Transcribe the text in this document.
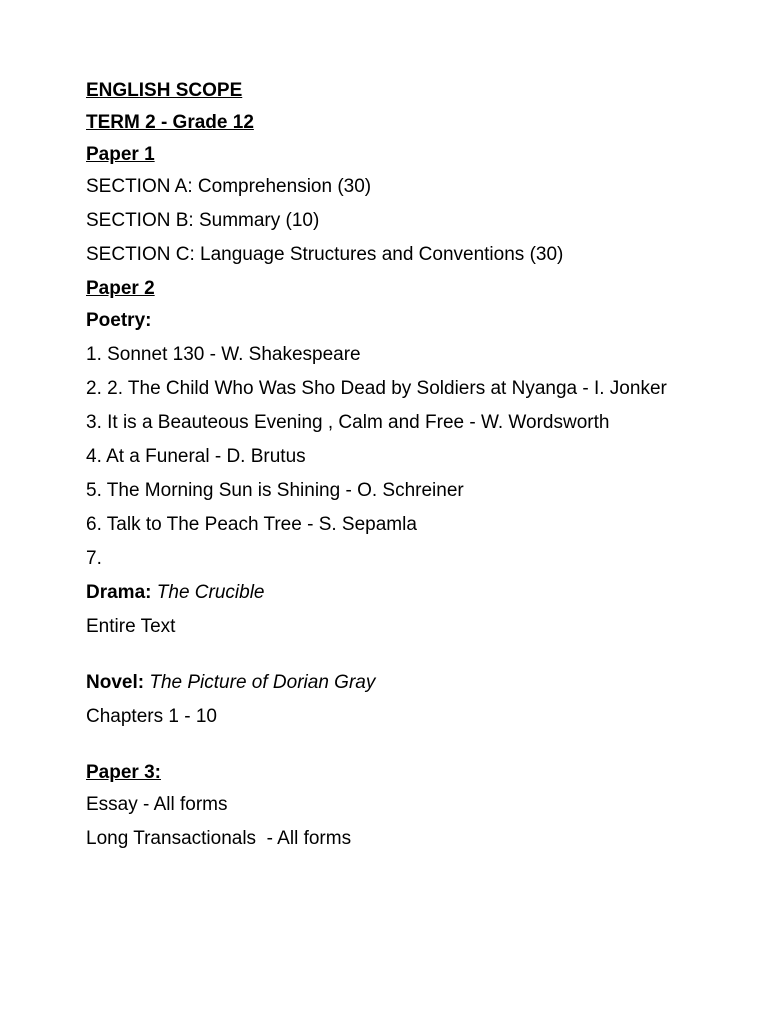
ENGLISH SCOPE
TERM 2 - Grade 12
Paper 1
SECTION A: Comprehension (30)
SECTION B: Summary (10)
SECTION C: Language Structures and Conventions (30)
Paper 2
Poetry:
1. Sonnet 130 - W. Shakespeare
2. 2. The Child Who Was Sho Dead by Soldiers at Nyanga - I. Jonker
3. It is a Beauteous Evening , Calm and Free - W. Wordsworth
4. At a Funeral - D. Brutus
5. The Morning Sun is Shining - O. Schreiner
6. Talk to The Peach Tree - S. Sepamla
7.
Drama: The Crucible
Entire Text
Novel: The Picture of Dorian Gray
Chapters 1 - 10
Paper 3:
Essay - All forms
Long Transactionals  - All forms
